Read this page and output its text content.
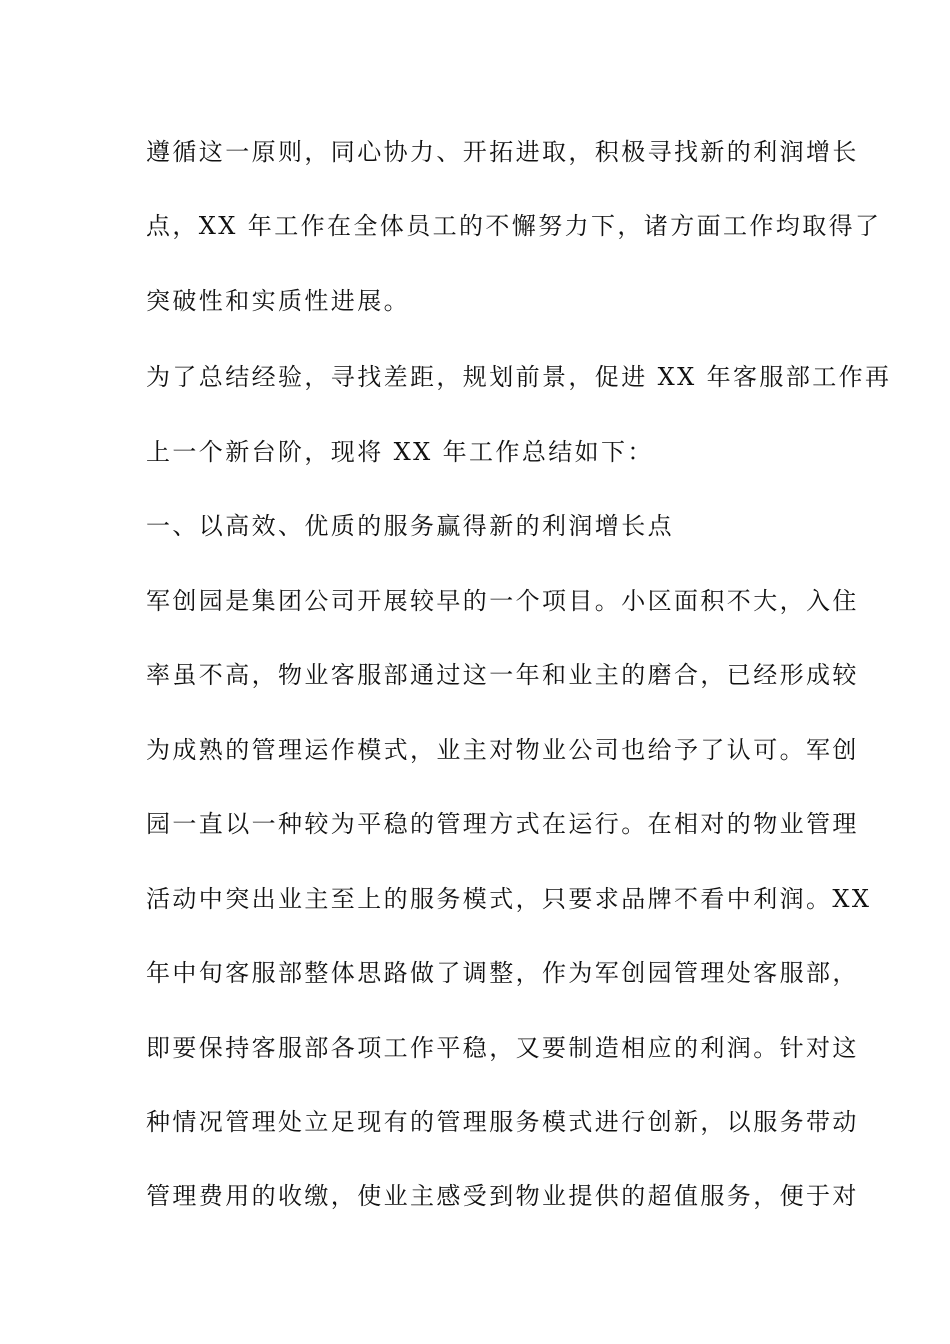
遵循这一原则，同心协力、开拓进取，积极寻找新的利润增长
点，XX 年工作在全体员工的不懈努力下，诸方面工作均取得了
突破性和实质性进展。
为了总结经验，寻找差距，规划前景，促进 XX 年客服部工作再
上一个新台阶，现将 XX 年工作总结如下：
一、以高效、优质的服务赢得新的利润增长点
军创园是集团公司开展较早的一个项目。小区面积不大，入住
率虽不高，物业客服部通过这一年和业主的磨合，已经形成较
为成熟的管理运作模式，业主对物业公司也给予了认可。军创
园一直以一种较为平稳的管理方式在运行。在相对的物业管理
活动中突出业主至上的服务模式，只要求品牌不看中利润。XX
年中旬客服部整体思路做了调整，作为军创园管理处客服部，
即要保持客服部各项工作平稳，又要制造相应的利润。针对这
种情况管理处立足现有的管理服务模式进行创新，以服务带动
管理费用的收缴，使业主感受到物业提供的超值服务，便于对
